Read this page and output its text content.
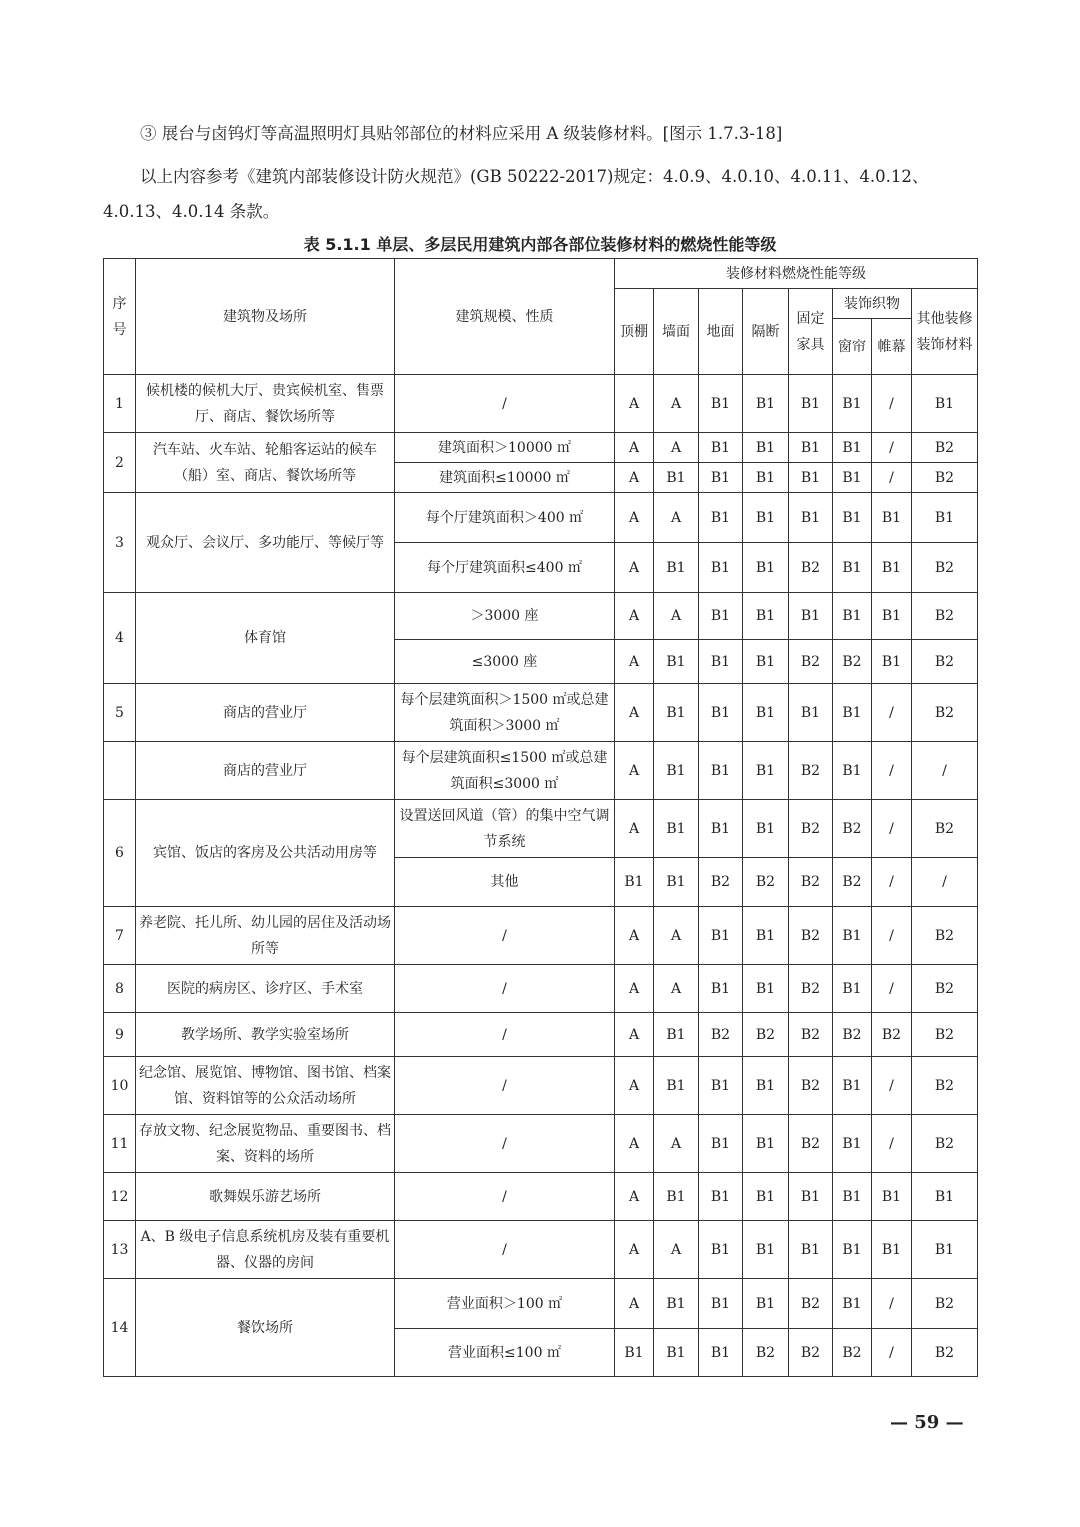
③ 展台与卤钨灯等高温照明灯具贴邻部位的材料应采用 A 级装修材料。[图示 1.7.3-18]
以上内容参考《建筑内部装修设计防火规范》(GB 50222-2017)规定：4.0.9、4.0.10、4.0.11、4.0.12、
4.0.13、4.0.14 条款。
表 5.1.1 单层、多层民用建筑内部各部位装修材料的燃烧性能等级
序号	建筑物及场所	建筑规模、性质	装修材料燃烧性能等级							
			顶棚	墙面	地面	隔断	固定家具	装饰织物		其他装修装饰材料
								窗帘	帷幕	
1	候机楼的候机大厅、贵宾候机室、售票厅、商店、餐饮场所等	/	A	A	B1	B1	B1	B1	/	B1
2	汽车站、火车站、轮船客运站的候车（船）室、商店、餐饮场所等	建筑面积＞10000 ㎡	A	A	B1	B1	B1	B1	/	B2
		建筑面积≤10000 ㎡	A	B1	B1	B1	B1	B1	/	B2
3	观众厅、会议厅、多功能厅、等候厅等	每个厅建筑面积＞400 ㎡	A	A	B1	B1	B1	B1	B1	B1
		每个厅建筑面积≤400 ㎡	A	B1	B1	B1	B2	B1	B1	B2
4	体育馆	＞3000 座	A	A	B1	B1	B1	B1	B1	B2
		≤3000 座	A	B1	B1	B1	B2	B2	B1	B2
5	商店的营业厅	每个层建筑面积＞1500 ㎡或总建筑面积＞3000 ㎡	A	B1	B1	B1	B1	B1	/	B2
	商店的营业厅	每个层建筑面积≤1500 ㎡或总建筑面积≤3000 ㎡	A	B1	B1	B1	B2	B1	/	/
6	宾馆、饭店的客房及公共活动用房等	设置送回风道（管）的集中空气调节系统	A	B1	B1	B1	B2	B2	/	B2
		其他	B1	B1	B2	B2	B2	B2	/	/
7	养老院、托儿所、幼儿园的居住及活动场所等	/	A	A	B1	B1	B2	B1	/	B2
8	医院的病房区、诊疗区、手术室	/	A	A	B1	B1	B2	B1	/	B2
9	教学场所、教学实验室场所	/	A	B1	B2	B2	B2	B2	B2	B2
10	纪念馆、展览馆、博物馆、图书馆、档案馆、资料馆等的公众活动场所	/	A	B1	B1	B1	B2	B1	/	B2
11	存放文物、纪念展览物品、重要图书、档案、资料的场所	/	A	A	B1	B1	B2	B1	/	B2
12	歌舞娱乐游艺场所	/	A	B1	B1	B1	B1	B1	B1	B1
13	A、B 级电子信息系统机房及装有重要机器、仪器的房间	/	A	A	B1	B1	B1	B1	B1	B1
14	餐饮场所	营业面积＞100 ㎡	A	B1	B1	B1	B2	B1	/	B2
		营业面积≤100 ㎡	B1	B1	B1	B2	B2	B2	/	B2
— 59 —
